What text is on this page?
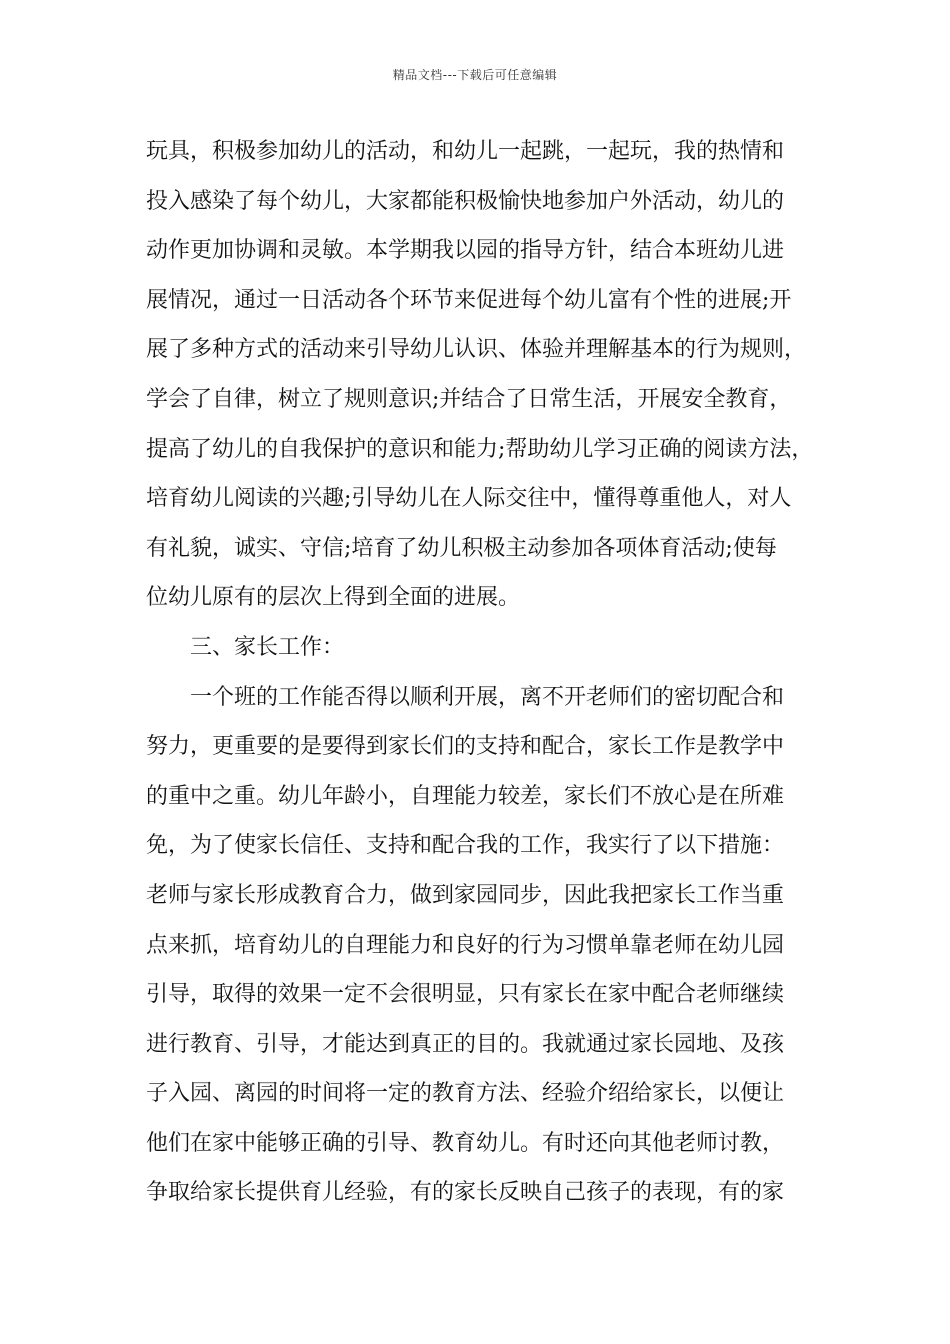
精品文档---下载后可任意编辑
玩具，积极参加幼儿的活动，和幼儿一起跳，一起玩，我的热情和
投入感染了每个幼儿，大家都能积极愉快地参加户外活动，幼儿的
动作更加协调和灵敏。本学期我以园的指导方针，结合本班幼儿进
展情况，通过一日活动各个环节来促进每个幼儿富有个性的进展;开
展了多种方式的活动来引导幼儿认识、体验并理解基本的行为规则，
学会了自律，树立了规则意识;并结合了日常生活，开展安全教育，
提高了幼儿的自我保护的意识和能力;帮助幼儿学习正确的阅读方法，
培育幼儿阅读的兴趣;引导幼儿在人际交往中，懂得尊重他人，对人
有礼貌，诚实、守信;培育了幼儿积极主动参加各项体育活动;使每
位幼儿原有的层次上得到全面的进展。
三、家长工作：
一个班的工作能否得以顺利开展，离不开老师们的密切配合和
努力，更重要的是要得到家长们的支持和配合，家长工作是教学中
的重中之重。幼儿年龄小，自理能力较差，家长们不放心是在所难
免，为了使家长信任、支持和配合我的工作，我实行了以下措施：
老师与家长形成教育合力，做到家园同步，因此我把家长工作当重
点来抓，培育幼儿的自理能力和良好的行为习惯单靠老师在幼儿园
引导，取得的效果一定不会很明显，只有家长在家中配合老师继续
进行教育、引导，才能达到真正的目的。我就通过家长园地、及孩
子入园、离园的时间将一定的教育方法、经验介绍给家长，以便让
他们在家中能够正确的引导、教育幼儿。有时还向其他老师讨教，
争取给家长提供育儿经验，有的家长反映自己孩子的表现，有的家
